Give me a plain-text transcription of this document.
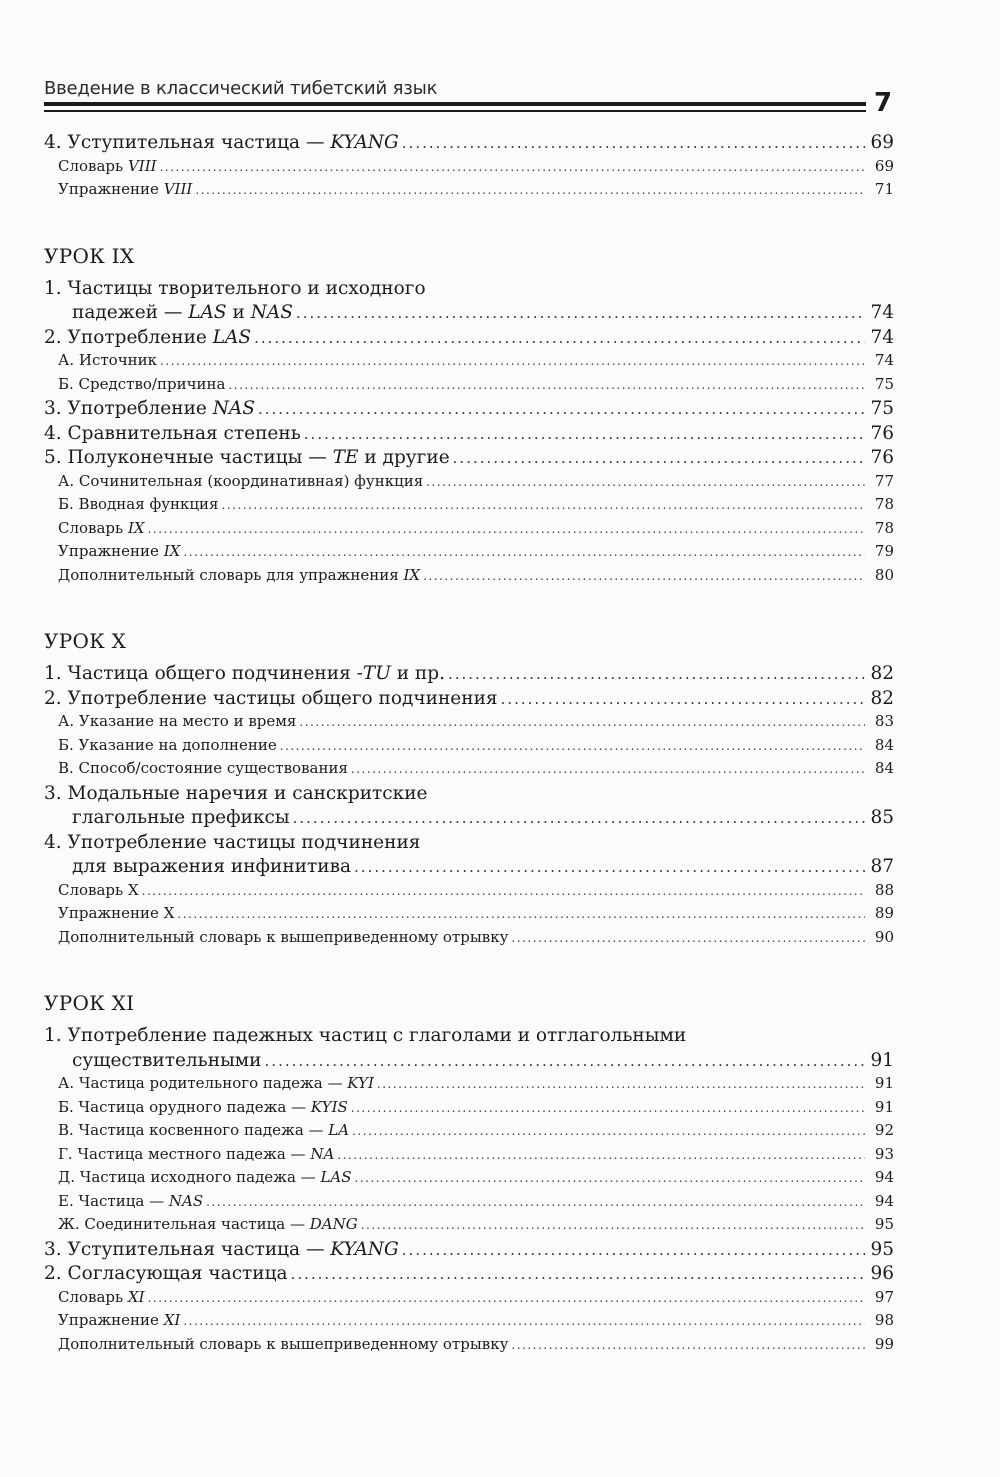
Введение в классический тибетский язык	7
4. Уступительная частица — KYANG .....	69
Словарь VIII .....	69
Упражнение VIII .....	71
УРОК IX
1. Частицы творительного и исходного
падежей — LAS и NAS .....	74
2. Употребление LAS .....	74
А. Источник .....	74
Б. Средство/причина .....	75
3. Употребление NAS .....	75
4. Сравнительная степень .....	76
5. Полуконечные частицы — TE и другие .....	76
А. Сочинительная (координативная) функция .....	77
Б. Вводная функция .....	78
Словарь IX .....	78
Упражнение IX .....	79
Дополнительный словарь для упражнения IX .....	80
УРОК X
1. Частица общего подчинения -TU и пр. .....	82
2. Употребление частицы общего подчинения .....	82
А. Указание на место и время .....	83
Б. Указание на дополнение .....	84
В. Способ/состояние существования .....	84
3. Модальные наречия и санскритские
глагольные префиксы .....	85
4. Употребление частицы подчинения
для выражения инфинитива .....	87
Словарь X .....	88
Упражнение X .....	89
Дополнительный словарь к вышеприведенному отрывку .....	90
УРОК XI
1. Употребление падежных частиц с глаголами и отглагольными
существительными .....	91
А. Частица родительного падежа — KYI .....	91
Б. Частица орудного падежа — KYIS .....	91
В. Частица косвенного падежа — LA .....	92
Г. Частица местного падежа — NA .....	93
Д. Частица исходного падежа — LAS .....	94
Е. Частица — NAS .....	94
Ж. Соединительная частица — DANG .....	95
3. Уступительная частица — KYANG .....	95
2. Согласующая частица .....	96
Словарь XI .....	97
Упражнение XI .....	98
Дополнительный словарь к вышеприведенному отрывку .....	99
